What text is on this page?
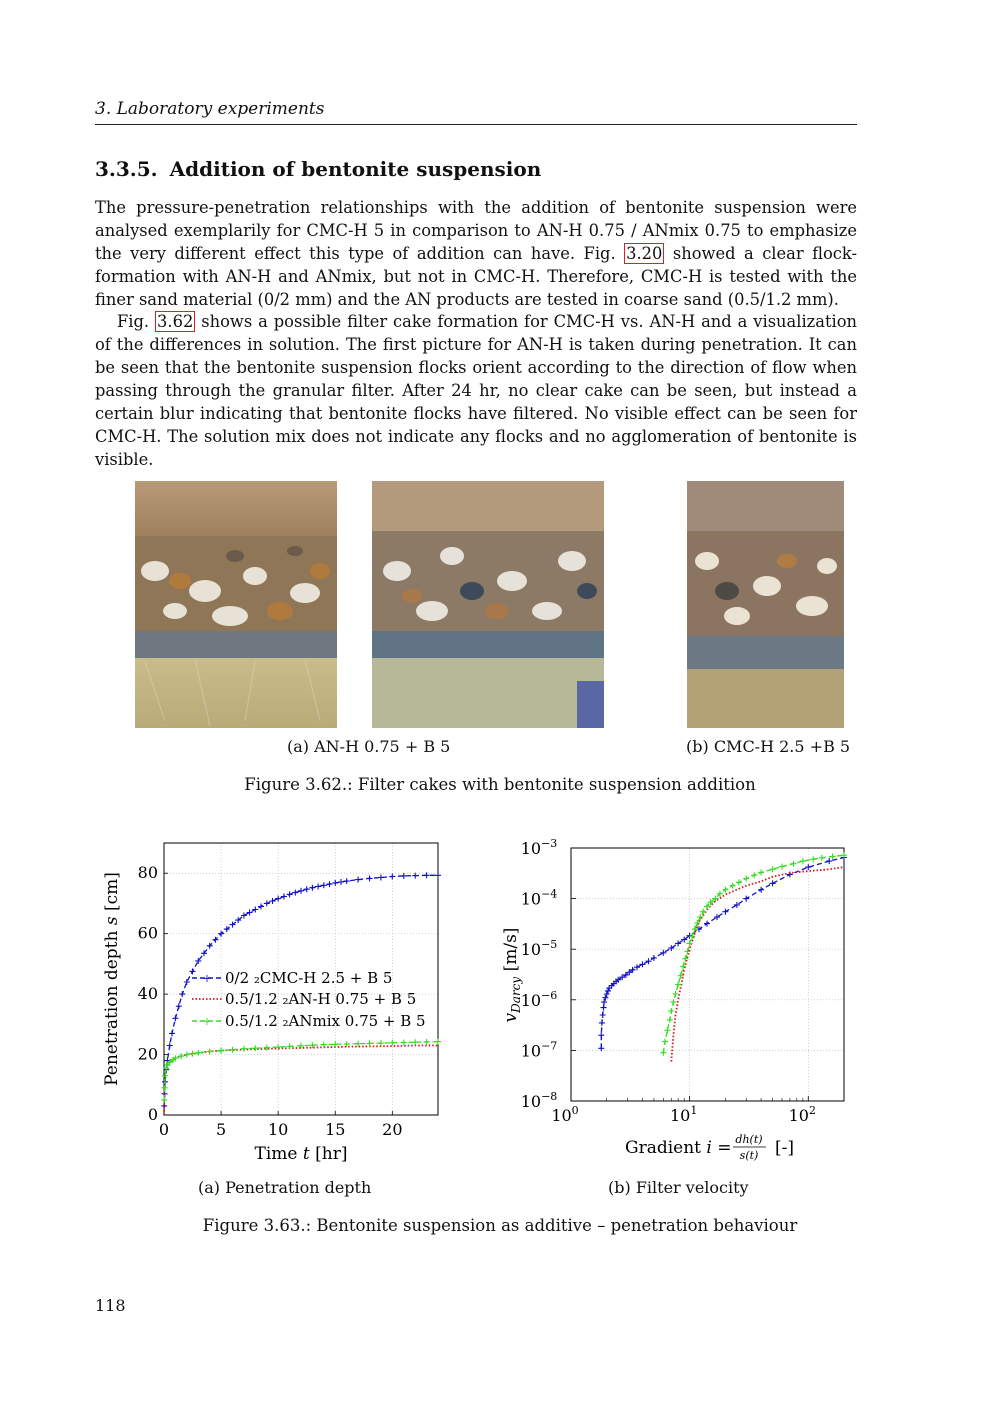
3. Laboratory experiments
3.3.5. Addition of bentonite suspension
The pressure-penetration relationships with the addition of bentonite suspension were analysed exemplarily for CMC-H 5 in comparison to AN-H 0.75 / ANmix 0.75 to emphasize the very different effect this type of addition can have. Fig. 3.20 showed a clear flock-formation with AN-H and ANmix, but not in CMC-H. Therefore, CMC-H is tested with the finer sand material (0/2 mm) and the AN products are tested in coarse sand (0.5/1.2 mm).
Fig. 3.62 shows a possible filter cake formation for CMC-H vs. AN-H and a visualization of the differences in solution. The first picture for AN-H is taken during penetration. It can be seen that the bentonite suspension flocks orient according to the direction of flow when passing through the granular filter. After 24 hr, no clear cake can be seen, but instead a certain blur indicating that bentonite flocks have filtered. No visible effect can be seen for CMC-H. The solution mix does not indicate any flocks and no agglomeration of bentonite is visible.
(a) AN-H 0.75 + B 5	(b) CMC-H 2.5 +B 5
Figure 3.62.: Filter cakes with bentonite suspension addition
0	5	10 15 20
0
20
40
60
80
Penetration depth s [cm]
Time t [hr]
+ 0/2 ₂CMC-H 2.5 + B 5
0.5/1.2 ₂AN-H 0.75 + B 5
+ 0.5/1.2 ₂ANmix 0.75 + B 5
$10^0$	$10^1$	$10^2$
$10^{-8}$
$10^{-7}$
$10^{-6}$
$10^{-5}$
$10^{-4}$
$10^{-3}$
$v_{Darcy}$ [m/s]
Gradient i = dh(t)
s(t) [-]
(a) Penetration depth	(b) Filter velocity
Figure 3.63.: Bentonite suspension as additive – penetration behaviour
118
